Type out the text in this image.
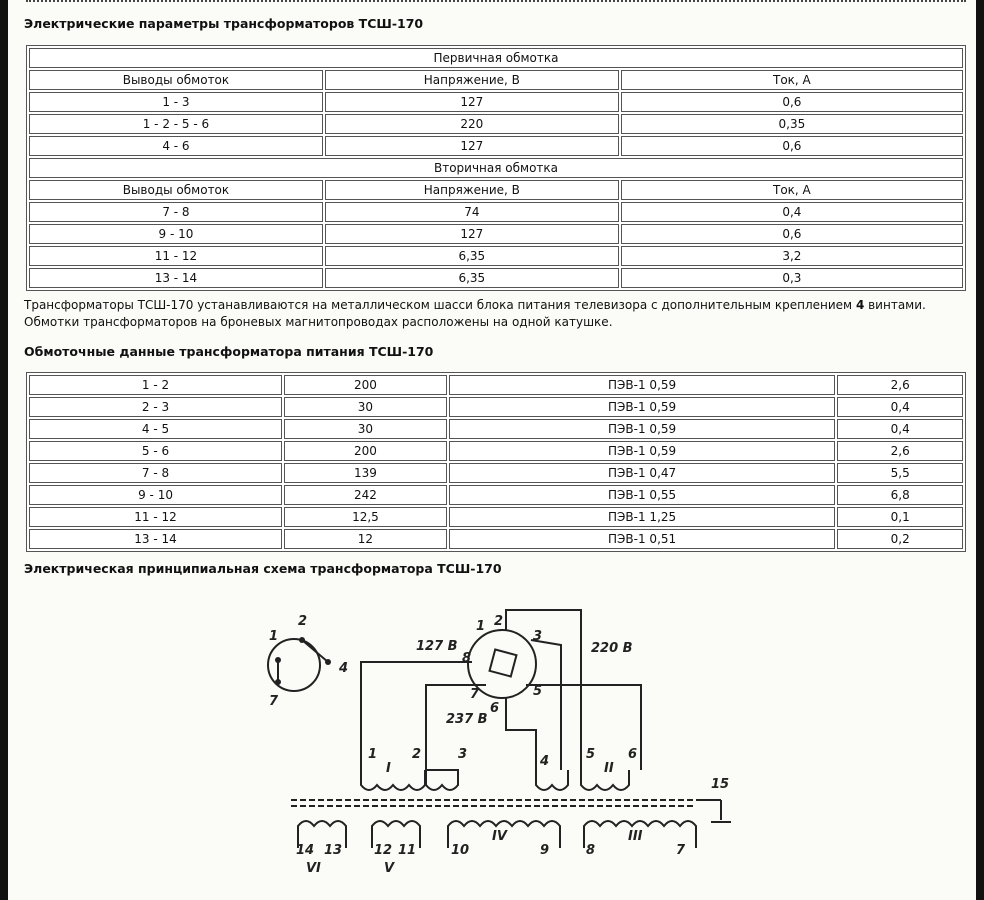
Электрические параметры трансформаторов ТСШ-170
Первичная обмотка		
Выводы обмоток	Напряжение, В	Ток, А
1 - 3	127	0,6
1 - 2 - 5 - 6	220	0,35
4 - 6	127	0,6
Вторичная обмотка		
Выводы обмоток	Напряжение, В	Ток, А
7 - 8	74	0,4
9 - 10	127	0,6
11 - 12	6,35	3,2
13 - 14	6,35	0,3
Трансформаторы ТСШ-170 устанавливаются на металлическом шасси блока питания телевизора с дополнительным креплением 4 винтами. Обмотки трансформаторов на броневых магнитопроводах расположены на одной катушке.
Обмоточные данные трансформатора питания ТСШ-170
1 - 2	200	ПЭВ-1 0,59	2,6
2 - 3	30	ПЭВ-1 0,59	0,4
4 - 5	30	ПЭВ-1 0,59	0,4
5 - 6	200	ПЭВ-1 0,59	2,6
7 - 8	139	ПЭВ-1 0,47	5,5
9 - 10	242	ПЭВ-1 0,55	6,8
11 - 12	12,5	ПЭВ-1 1,25	0,1
13 - 14	12	ПЭВ-1 0,51	0,2
Электрическая принципиальная схема трансформатора ТСШ-170
1
2
4
7
127 В	220 В
237 В
1 2
3
8
7	5
6
1
I
2	3	4	5
II
6
15
14 13
VI
12 11
V
10
IV
9	8
III
7
